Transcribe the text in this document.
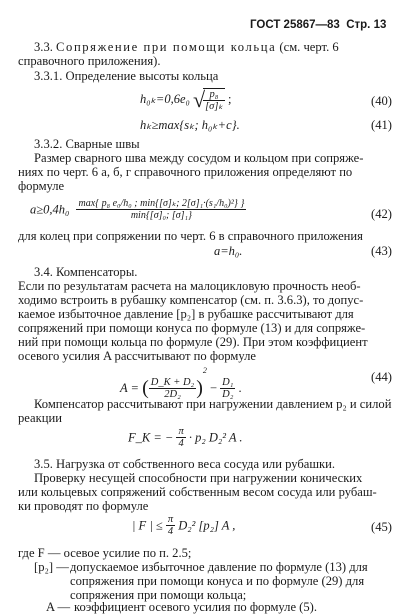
ГОСТ 25867—83 Стр. 13
3.3. Сопряжение при помощи кольца (см. черт. 6
справочного приложения).
3.3.1. Определение высоты кольца
h₀ₖ=0,6e₀ √
$\frac{\text{p₈}}{\text{[σ]ₖ}}$ ;	(40)
hₖ≥max{sₖ; h₀ₖ+c}.	(41)
3.3.2. Сварные швы
Размер сварного шва между сосудом и кольцом при сопряже-
ниях по черт. 6 а, б, г справочного приложения определяют по
формуле
$a\ge 0,4h_0 \frac{\text{max\{ p₈ e₀/h₀ ; min\{[σ]ₖ; 2[σ]₁·(s₁/h₀)²\} \}}}{\text{min\{[σ]₀; [σ]₁\}}}$	(42)
для колец при сопряжении по черт. 6 в справочного приложения
a=h₀.	(43)
3.4. Компенсаторы.
Если по результатам расчета на малоцикловую прочность необ-
ходимо встроить в рубашку компенсатор (см. п. 3.6.3), то допус-
каемое избыточное давление [p₂] в рубашке рассчитывают для
сопряжений при помощи конуса по формуле (13) и для сопряже-
ний при помощи кольца по формуле (29). При этом коэффициент
осевого усилия A рассчитывают по формуле
A = ( $\frac{\text{D\_K + D₂}}{\text{2D₂}} )^2 - \frac{\text{D₁}}{\text{D₂}}$ .
(44)
Компенсатор рассчитывают при нагружении давлением p₂ и силой
реакции
F_K = − $\frac{\pi}{4} \cdot p_2$ D₂² A .
3.5. Нагрузка от собственного веса сосуда или рубашки.
Проверку несущей способности при нагружении конических
или кольцевых сопряжений собственным весом сосуда или рубаш-
ки проводят по формуле
| F | ≤ $\frac{\pi}{4} D_2^2$ [p₂] A ,	(45)
где F — осевое усилие по п. 2.5;
[p₂] — допускаемое избыточное давление по формуле (13) для
сопряжения при помощи конуса и по формуле (29) для
сопряжения при помощи кольца;
A — коэффициент осевого усилия по формуле (5).
